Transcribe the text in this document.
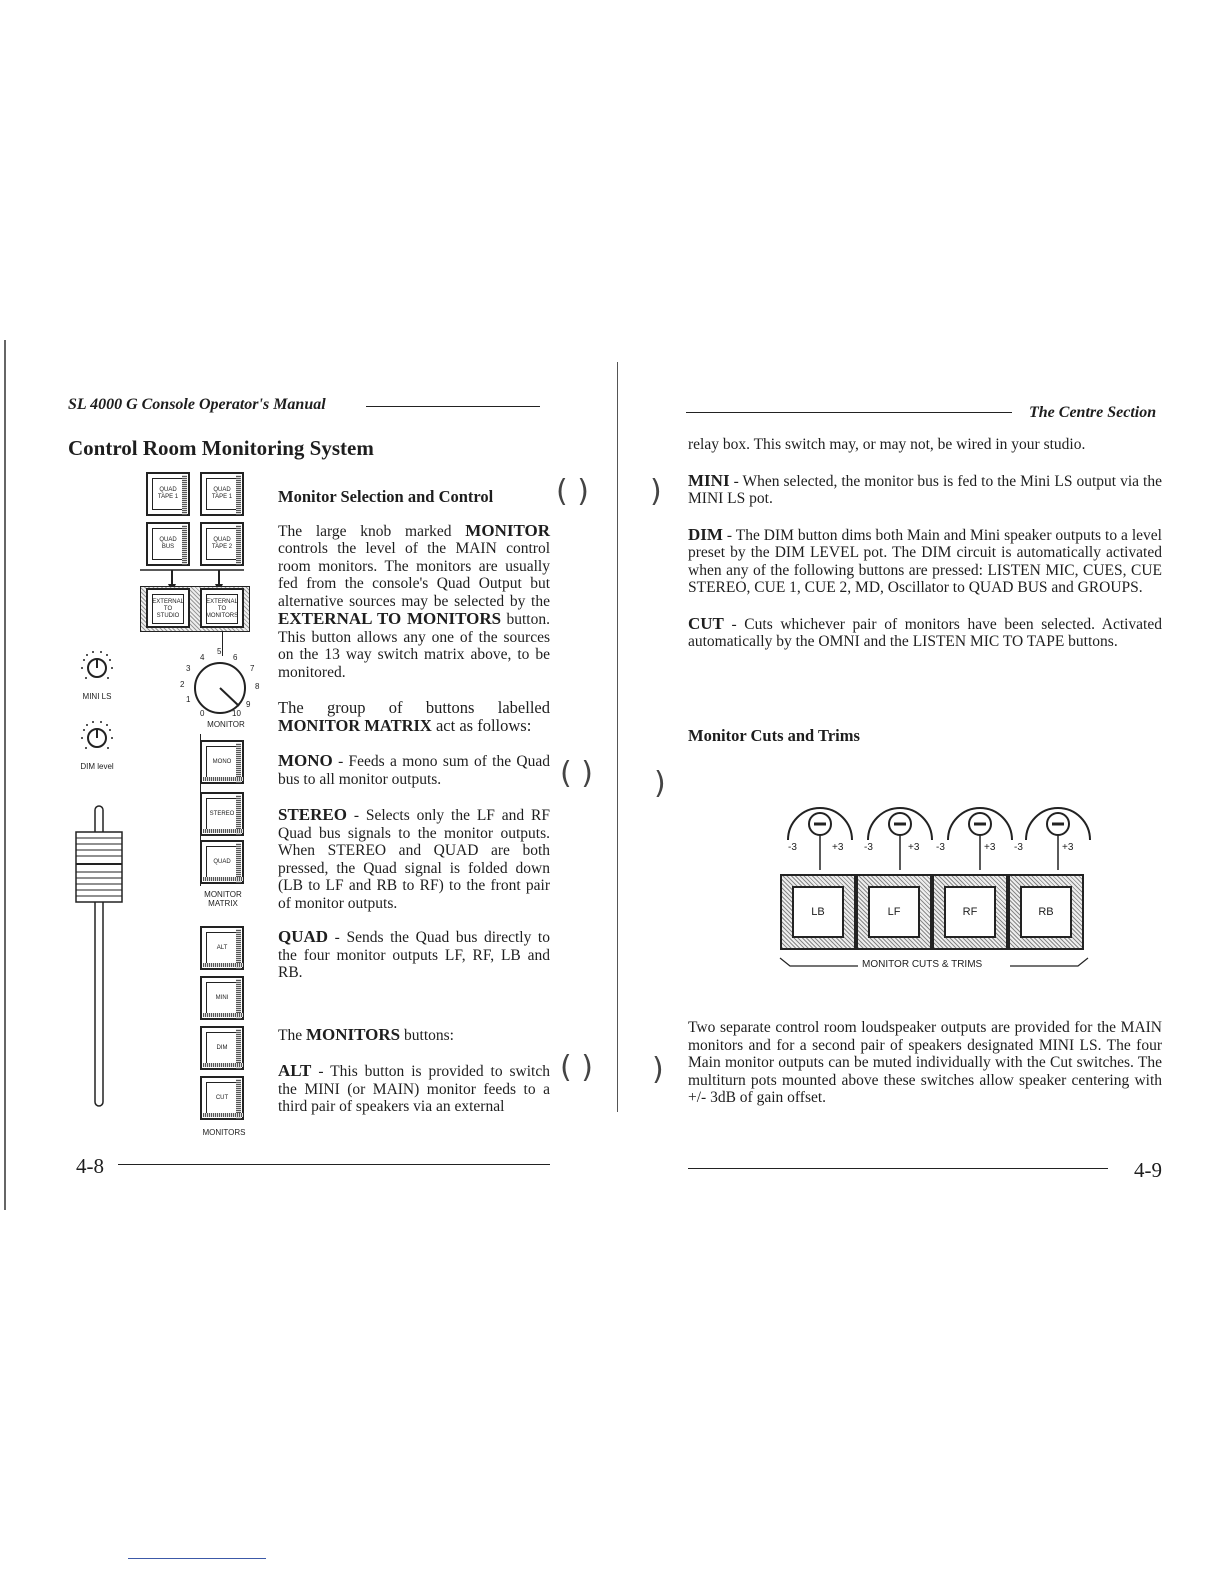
SL 4000 G Console Operator's Manual	The Centre Section
Control Room Monitoring System
QUAD TAPE 1
QUAD TAPE 1
QUAD BUS
QUAD TAPE 2
EXTERNAL TO STUDIO
EXTERNAL TO MONITORS
MINI LS
DIM level
0
1
2
3
4
5
6
7
8
9
10
MONITOR
MONO
STEREO
QUAD
MONITOR MATRIX
ALT
MINI
DIM
CUT
MONITORS
Monitor Selection and Control

The large knob marked MONITOR controls the level of the MAIN control room monitors. The monitors are usually fed from the console's Quad Output but alternative sources may be selected by the EXTERNAL TO MONITORS button. This button allows any one of the sources on the 13 way switch matrix above, to be monitored.

The group of buttons labelled MONITOR MATRIX act as follows:

MONO - Feeds a mono sum of the Quad bus to all monitor outputs.

STEREO - Selects only the LF and RF Quad bus signals to the monitor outputs. When STEREO and QUAD are both pressed, the Quad signal is folded down (LB to LF and RB to RF) to the front pair of monitor outputs.

QUAD - Sends the Quad bus directly to the four monitor outputs LF, RF, LB and RB.

The MONITORS buttons:

ALT - This button is provided to switch the MINI (or MAIN) monitor feeds to a third pair of speakers via an external

( )
( )
( )
)
)
)

relay box. This switch may, or may not, be wired in your studio.

MINI - When selected, the monitor bus is fed to the Mini LS output via the MINI LS pot.

DIM - The DIM button dims both Main and Mini speaker outputs to a level preset by the DIM LEVEL pot. The DIM circuit is automatically activated when any of the following buttons are pressed: LISTEN MIC, CUES, CUE STEREO, CUE 1, CUE 2, MD, Oscillator to QUAD BUS and GROUPS.

CUT - Cuts whichever pair of monitors have been selected. Activated automatically by the OMNI and the LISTEN MIC TO TAPE buttons.

Monitor Cuts and Trims
-3	+3 -3	+3 -3	+3 -3	+3
LB	LF	RF	RB
MONITOR CUTS & TRIMS

Two separate control room loudspeaker outputs are provided for the MAIN monitors and for a second pair of speakers designated MINI LS. The four Main monitor outputs can be muted individually with the Cut switches. The multiturn pots mounted above these switches allow speaker centering with +/- 3dB of gain offset.

4-8	4-9
